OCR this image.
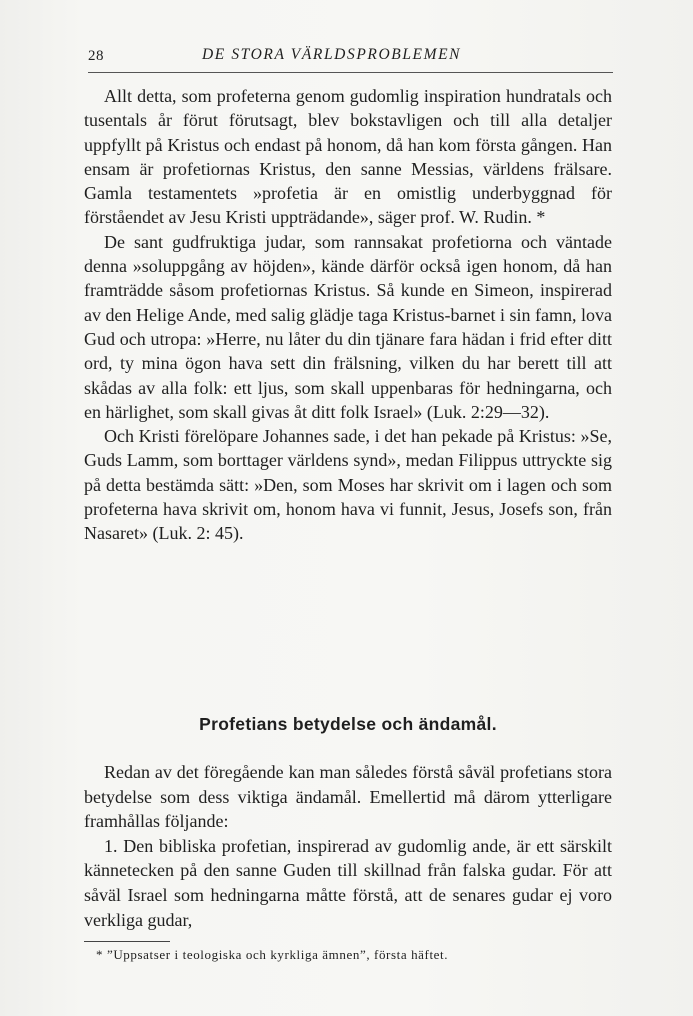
28	DE STORA VÄRLDSPROBLEMEN

Allt detta, som profeterna genom gudomlig inspiration hundratals och tusentals år förut förutsagt, blev bokstavligen och till alla detaljer uppfyllt på Kristus och endast på honom, då han kom första gången. Han ensam är profetiornas Kristus, den sanne Messias, världens frälsare. Gamla testamentets »profetia är en omistlig underbyggnad för förståendet av Jesu Kristi uppträdande», säger prof. W. Rudin. *

De sant gudfruktiga judar, som rannsakat profetiorna och väntade denna »soluppgång av höjden», kände därför också igen honom, då han framträdde såsom profetiornas Kristus. Så kunde en Simeon, inspirerad av den Helige Ande, med salig glädje taga Kristus-barnet i sin famn, lova Gud och utropa: »Herre, nu låter du din tjänare fara hädan i frid efter ditt ord, ty mina ögon hava sett din frälsning, vilken du har berett till att skådas av alla folk: ett ljus, som skall uppenbaras för hedningarna, och en härlighet, som skall givas åt ditt folk Israel» (Luk. 2:29—32).

Och Kristi förelöpare Johannes sade, i det han pekade på Kristus: »Se, Guds Lamm, som borttager världens synd», medan Filippus uttryckte sig på detta bestämda sätt: »Den, som Moses har skrivit om i lagen och som profeterna hava skrivit om, honom hava vi funnit, Jesus, Josefs son, från Nasaret» (Luk. 2: 45).

Profetians betydelse och ändamål.

Redan av det föregående kan man således förstå såväl profetians stora betydelse som dess viktiga ändamål. Emellertid må därom ytterligare framhållas följande:

1. Den bibliska profetian, inspirerad av gudomlig ande, är ett särskilt kännetecken på den sanne Guden till skillnad från falska gudar. För att såväl Israel som hedningarna måtte förstå, att de senares gudar ej voro verkliga gudar,

* ”Uppsatser i teologiska och kyrkliga ämnen”, första häftet.
